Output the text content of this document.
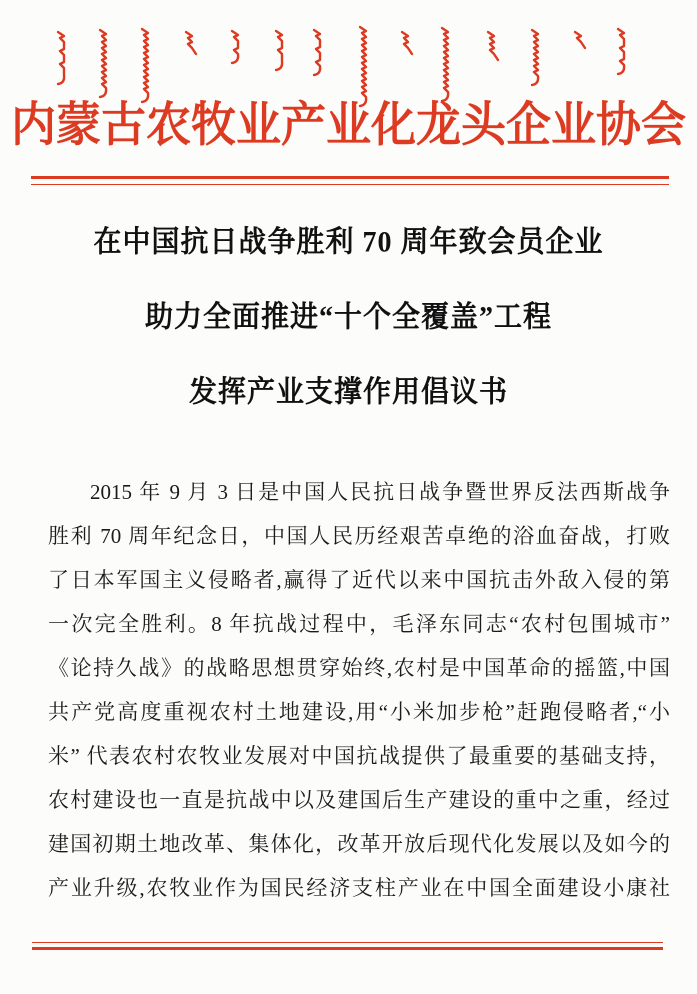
内蒙古农牧业产业化龙头企业协会
在中国抗日战争胜利 70 周年致会员企业
助力全面推进“十个全覆盖”工程
发挥产业支撑作用倡议书
2015 年 9 月 3 日是中国人民抗日战争暨世界反法西斯战争
胜利 70 周年纪念日，中国人民历经艰苦卓绝的浴血奋战，打败
了日本军国主义侵略者,赢得了近代以来中国抗击外敌入侵的第
一次完全胜利。8 年抗战过程中，毛泽东同志“农村包围城市”
《论持久战》的战略思想贯穿始终,农村是中国革命的摇篮,中国
共产党高度重视农村土地建设,用“小米加步枪”赶跑侵略者,“小
米” 代表农村农牧业发展对中国抗战提供了最重要的基础支持，
农村建设也一直是抗战中以及建国后生产建设的重中之重，经过
建国初期土地改革、集体化，改革开放后现代化发展以及如今的
产业升级,农牧业作为国民经济支柱产业在中国全面建设小康社
